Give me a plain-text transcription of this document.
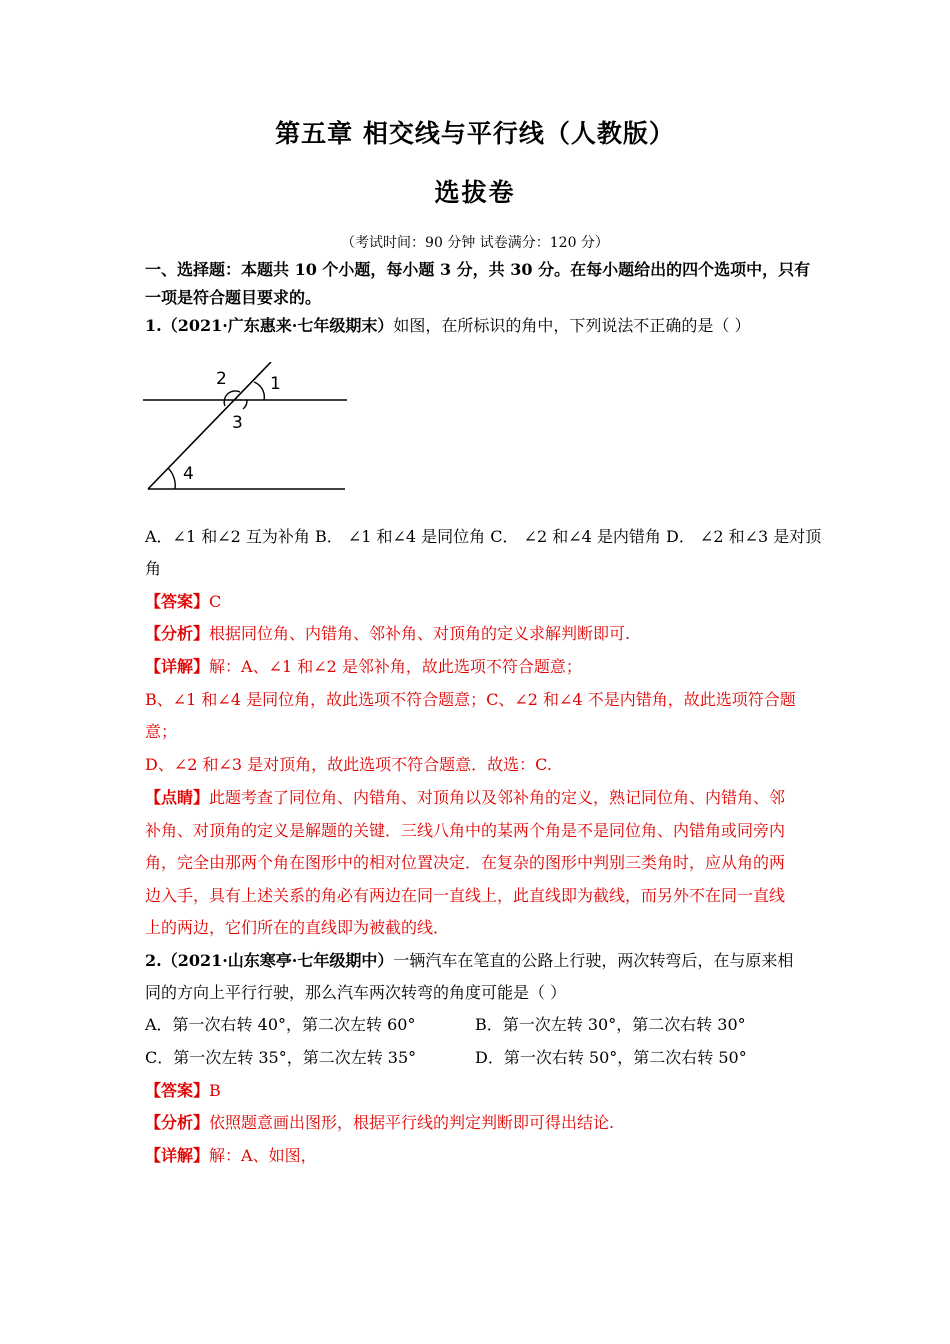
第五章 相交线与平行线（人教版）
选拔卷
（考试时间：90 分钟 试卷满分：120 分）
一、选择题：本题共 10 个小题，每小题 3 分，共 30 分。在每小题给出的四个选项中，只有
一项是符合题目要求的。
1.（2021·广东惠来·七年级期末）如图，在所标识的角中，下列说法不正确的是（ ）
1
2
3
4
A．∠1 和∠2 互为补角 B． ∠1 和∠4 是同位角 C． ∠2 和∠4 是内错角 D． ∠2 和∠3 是对顶
角
【答案】C
【分析】根据同位角、内错角、邻补角、对顶角的定义求解判断即可.
【详解】解：A、∠1 和∠2 是邻补角，故此选项不符合题意；
B、∠1 和∠4 是同位角，故此选项不符合题意；C、∠2 和∠4 不是内错角，故此选项符合题
意；
D、∠2 和∠3 是对顶角，故此选项不符合题意．故选：C.
【点睛】此题考查了同位角、内错角、对顶角以及邻补角的定义，熟记同位角、内错角、邻
补角、对顶角的定义是解题的关键．三线八角中的某两个角是不是同位角、内错角或同旁内
角，完全由那两个角在图形中的相对位置决定．在复杂的图形中判别三类角时，应从角的两
边入手，具有上述关系的角必有两边在同一直线上，此直线即为截线，而另外不在同一直线
上的两边，它们所在的直线即为被截的线．
2.（2021·山东寒亭·七年级期中）一辆汽车在笔直的公路上行驶，两次转弯后，在与原来相
同的方向上平行行驶，那么汽车两次转弯的角度可能是（ ）
A．第一次右转 40°，第二次左转 60°	B．第一次左转 30°，第二次右转 30°
C．第一次左转 35°，第二次左转 35°	D．第一次右转 50°，第二次右转 50°
【答案】B
【分析】依照题意画出图形，根据平行线的判定判断即可得出结论.
【详解】解：A、如图，
